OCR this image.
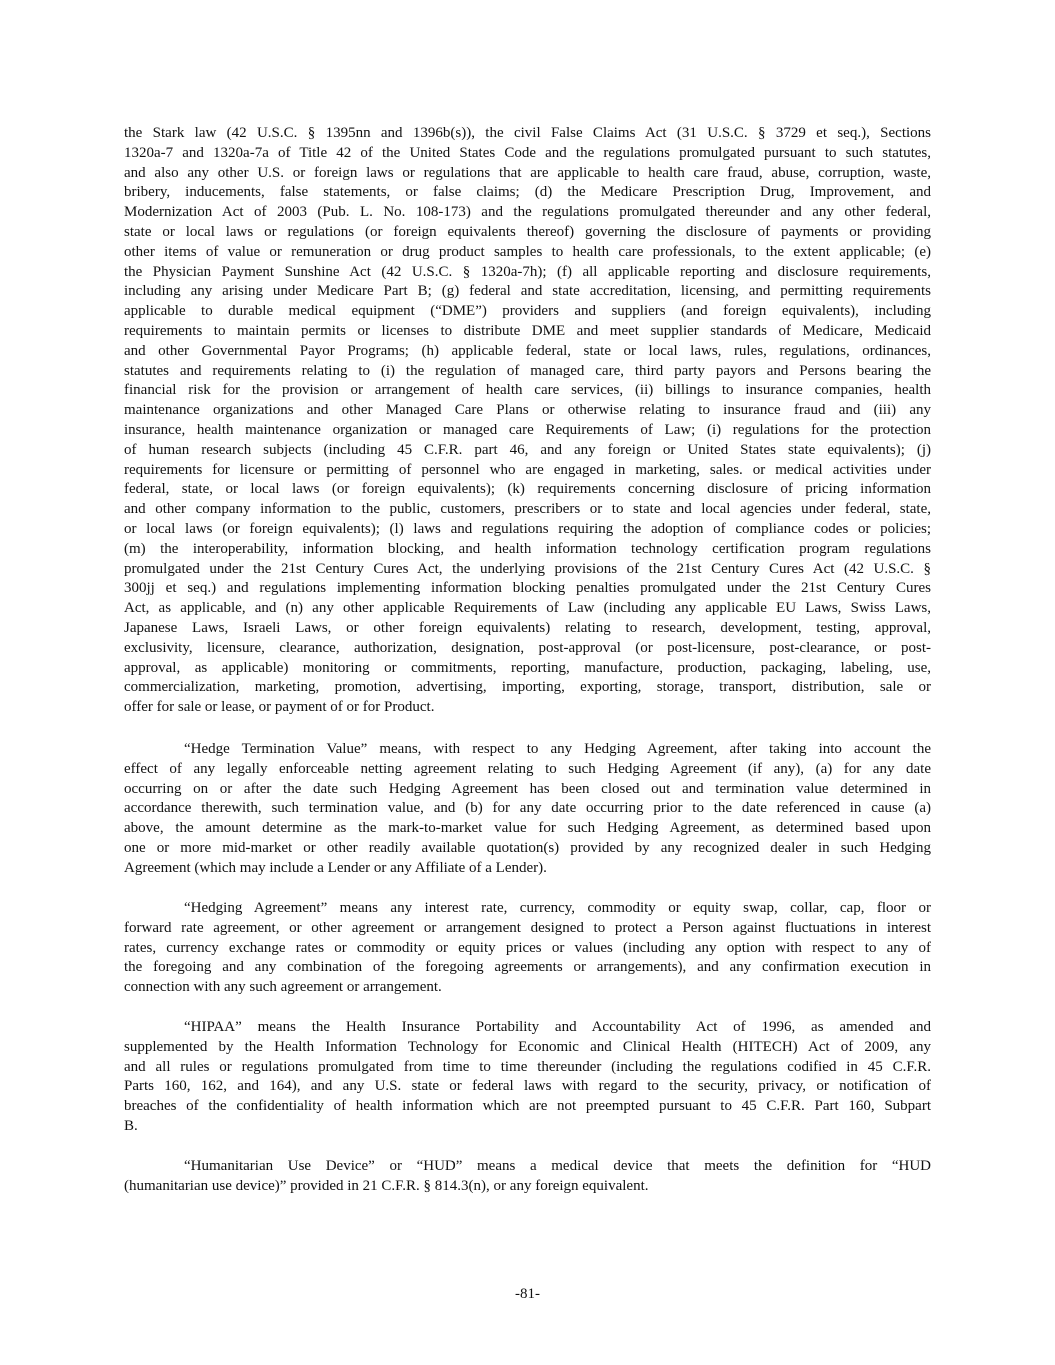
the Stark law (42 U.S.C. § 1395nn and 1396b(s)), the civil False Claims Act (31 U.S.C. § 3729 et seq.), Sections
1320a-7 and 1320a-7a of Title 42 of the United States Code and the regulations promulgated pursuant to such statutes,
and also any other U.S. or foreign laws or regulations that are applicable to health care fraud, abuse, corruption, waste,
bribery, inducements, false statements, or false claims; (d) the Medicare Prescription Drug, Improvement, and
Modernization Act of 2003 (Pub. L. No. 108-173) and the regulations promulgated thereunder and any other federal,
state or local laws or regulations (or foreign equivalents thereof) governing the disclosure of payments or providing
other items of value or remuneration or drug product samples to health care professionals, to the extent applicable; (e)
the Physician Payment Sunshine Act (42 U.S.C. § 1320a-7h); (f) all applicable reporting and disclosure requirements,
including any arising under Medicare Part B; (g) federal and state accreditation, licensing, and permitting requirements
applicable to durable medical equipment (“DME”) providers and suppliers (and foreign equivalents), including
requirements to maintain permits or licenses to distribute DME and meet supplier standards of Medicare, Medicaid
and other Governmental Payor Programs; (h) applicable federal, state or local laws, rules, regulations, ordinances,
statutes and requirements relating to (i) the regulation of managed care, third party payors and Persons bearing the
financial risk for the provision or arrangement of health care services, (ii) billings to insurance companies, health
maintenance organizations and other Managed Care Plans or otherwise relating to insurance fraud and (iii) any
insurance, health maintenance organization or managed care Requirements of Law; (i) regulations for the protection
of human research subjects (including 45 C.F.R. part 46, and any foreign or United States state equivalents); (j)
requirements for licensure or permitting of personnel who are engaged in marketing, sales. or medical activities under
federal, state, or local laws (or foreign equivalents); (k) requirements concerning disclosure of pricing information
and other company information to the public, customers, prescribers or to state and local agencies under federal, state,
or local laws (or foreign equivalents); (l) laws and regulations requiring the adoption of compliance codes or policies;
(m) the interoperability, information blocking, and health information technology certification program regulations
promulgated under the 21st Century Cures Act, the underlying provisions of the 21st Century Cures Act (42 U.S.C. §
300jj et seq.) and regulations implementing information blocking penalties promulgated under the 21st Century Cures
Act, as applicable, and (n) any other applicable Requirements of Law (including any applicable EU Laws, Swiss Laws,
Japanese Laws, Israeli Laws, or other foreign equivalents) relating to research, development, testing, approval,
exclusivity, licensure, clearance, authorization, designation, post-approval (or post-licensure, post-clearance, or post-
approval, as applicable) monitoring or commitments, reporting, manufacture, production, packaging, labeling, use,
commercialization, marketing, promotion, advertising, importing, exporting, storage, transport, distribution, sale or
offer for sale or lease, or payment of or for Product.
“Hedge Termination Value” means, with respect to any Hedging Agreement, after taking into account the
effect of any legally enforceable netting agreement relating to such Hedging Agreement (if any), (a) for any date
occurring on or after the date such Hedging Agreement has been closed out and termination value determined in
accordance therewith, such termination value, and (b) for any date occurring prior to the date referenced in cause (a)
above, the amount determine as the mark-to-market value for such Hedging Agreement, as determined based upon
one or more mid-market or other readily available quotation(s) provided by any recognized dealer in such Hedging
Agreement (which may include a Lender or any Affiliate of a Lender).
“Hedging Agreement” means any interest rate, currency, commodity or equity swap, collar, cap, floor or
forward rate agreement, or other agreement or arrangement designed to protect a Person against fluctuations in interest
rates, currency exchange rates or commodity or equity prices or values (including any option with respect to any of
the foregoing and any combination of the foregoing agreements or arrangements), and any confirmation execution in
connection with any such agreement or arrangement.
“HIPAA” means the Health Insurance Portability and Accountability Act of 1996, as amended and
supplemented by the Health Information Technology for Economic and Clinical Health (HITECH) Act of 2009, any
and all rules or regulations promulgated from time to time thereunder (including the regulations codified in 45 C.F.R.
Parts 160, 162, and 164), and any U.S. state or federal laws with regard to the security, privacy, or notification of
breaches of the confidentiality of health information which are not preempted pursuant to 45 C.F.R. Part 160, Subpart
B.
“Humanitarian Use Device” or “HUD” means a medical device that meets the definition for “HUD
(humanitarian use device)” provided in 21 C.F.R. § 814.3(n), or any foreign equivalent.
-81-
